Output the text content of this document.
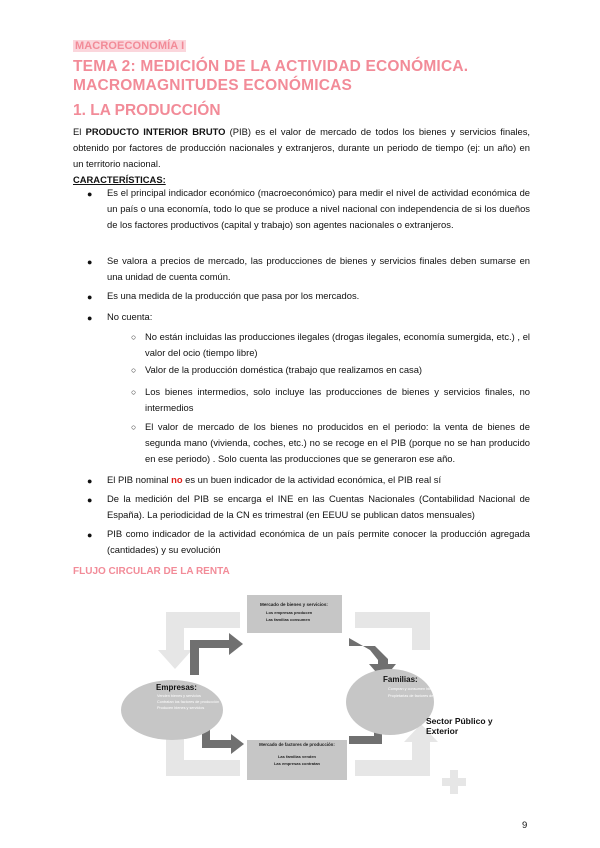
MACROECONOMÍA I
TEMA 2: MEDICIÓN DE LA ACTIVIDAD ECONÓMICA. MACROMAGNITUDES ECONÓMICAS
1. LA PRODUCCIÓN
El PRODUCTO INTERIOR BRUTO (PIB) es el valor de mercado de todos los bienes y servicios finales, obtenido por factores de producción nacionales y extranjeros, durante un periodo de tiempo (ej: un año) en un territorio nacional.
CARACTERÍSTICAS:
● Es el principal indicador económico (macroeconómico) para medir el nivel de actividad económica de un país o una economía, todo lo que se produce a nivel nacional con independencia de si los dueños de los factores productivos (capital y trabajo) son agentes nacionales o extranjeros.
● Se valora a precios de mercado, las producciones de bienes y servicios finales deben sumarse en una unidad de cuenta común.
● Es una medida de la producción que pasa por los mercados.
● No cuenta:
○ No están incluidas las producciones ilegales (drogas ilegales, economía sumergida, etc.) , el valor del ocio (tiempo libre)
○ Valor de la producción doméstica (trabajo que realizamos en casa)
○ Los bienes intermedios, solo incluye las producciones de bienes y servicios finales, no intermedios
○ El valor de mercado de los bienes no producidos en el periodo: la venta de bienes de segunda mano (vivienda, coches, etc.) no se recoge en el PIB (porque no se han producido en ese periodo) . Solo cuenta las producciones que se generaron ese año.
● El PIB nominal no es un buen indicador de la actividad económica, el PIB real sí
● De la medición del PIB se encarga el INE en las Cuentas Nacionales (Contabilidad Nacional de España). La periodicidad de la CN es trimestral (en EEUU se publican datos mensuales)
● PIB como indicador de la actividad económica de un país permite conocer la producción agregada (cantidades) y su evolución
FLUJO CIRCULAR DE LA RENTA
Mercado de bienes y servicios:
Los empresas producen
Las familias consumen
Mercado de factores de producción:
Las familias venden
Las empresas contratan
Empresas:
Venden bienes y servicios
Contratan los factores de producción
Producen bienes y servicios
Familias:
Compran y consumen bienes y servicios
Propietarias de factores de producción
Sector Público y Exterior
9
